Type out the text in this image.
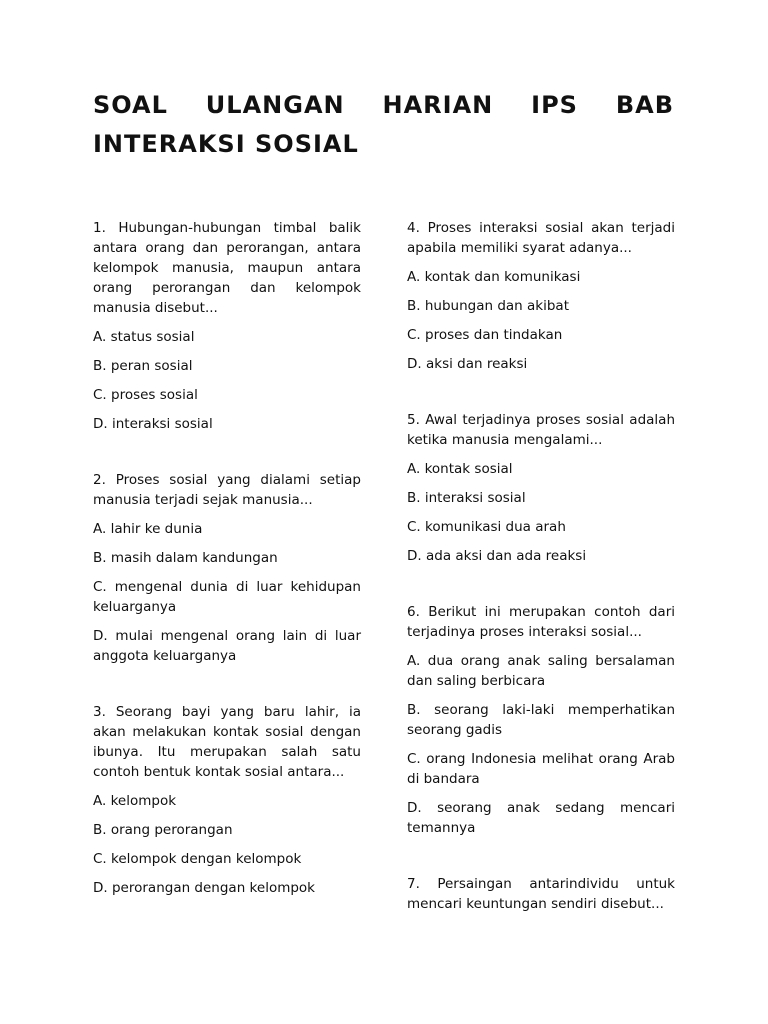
SOAL ULANGAN HARIAN IPS BAB INTERAKSI SOSIAL

1. Hubungan-hubungan timbal balik antara orang dan perorangan, antara kelompok manusia, maupun antara orang perorangan dan kelompok manusia disebut...

A. status sosial

B. peran sosial

C. proses sosial

D. interaksi sosial

2. Proses sosial yang dialami setiap manusia terjadi sejak manusia...

A. lahir ke dunia

B. masih dalam kandungan

C. mengenal dunia di luar kehidupan keluarganya

D. mulai mengenal orang lain di luar anggota keluarganya

3. Seorang bayi yang baru lahir, ia akan melakukan kontak sosial dengan ibunya. Itu merupakan salah satu contoh bentuk kontak sosial antara...

A. kelompok

B. orang perorangan

C. kelompok dengan kelompok

D. perorangan dengan kelompok

4. Proses interaksi sosial akan terjadi apabila memiliki syarat adanya...

A. kontak dan komunikasi

B. hubungan dan akibat

C. proses dan tindakan

D. aksi dan reaksi

5. Awal terjadinya proses sosial adalah ketika manusia mengalami...

A. kontak sosial

B. interaksi sosial

C. komunikasi dua arah

D. ada aksi dan ada reaksi

6. Berikut ini merupakan contoh dari terjadinya proses interaksi sosial...

A. dua orang anak saling bersalaman dan saling berbicara

B. seorang laki-laki memperhatikan seorang gadis

C. orang Indonesia melihat orang Arab di bandara

D. seorang anak sedang mencari temannya

7. Persaingan antarindividu untuk mencari keuntungan sendiri disebut...
